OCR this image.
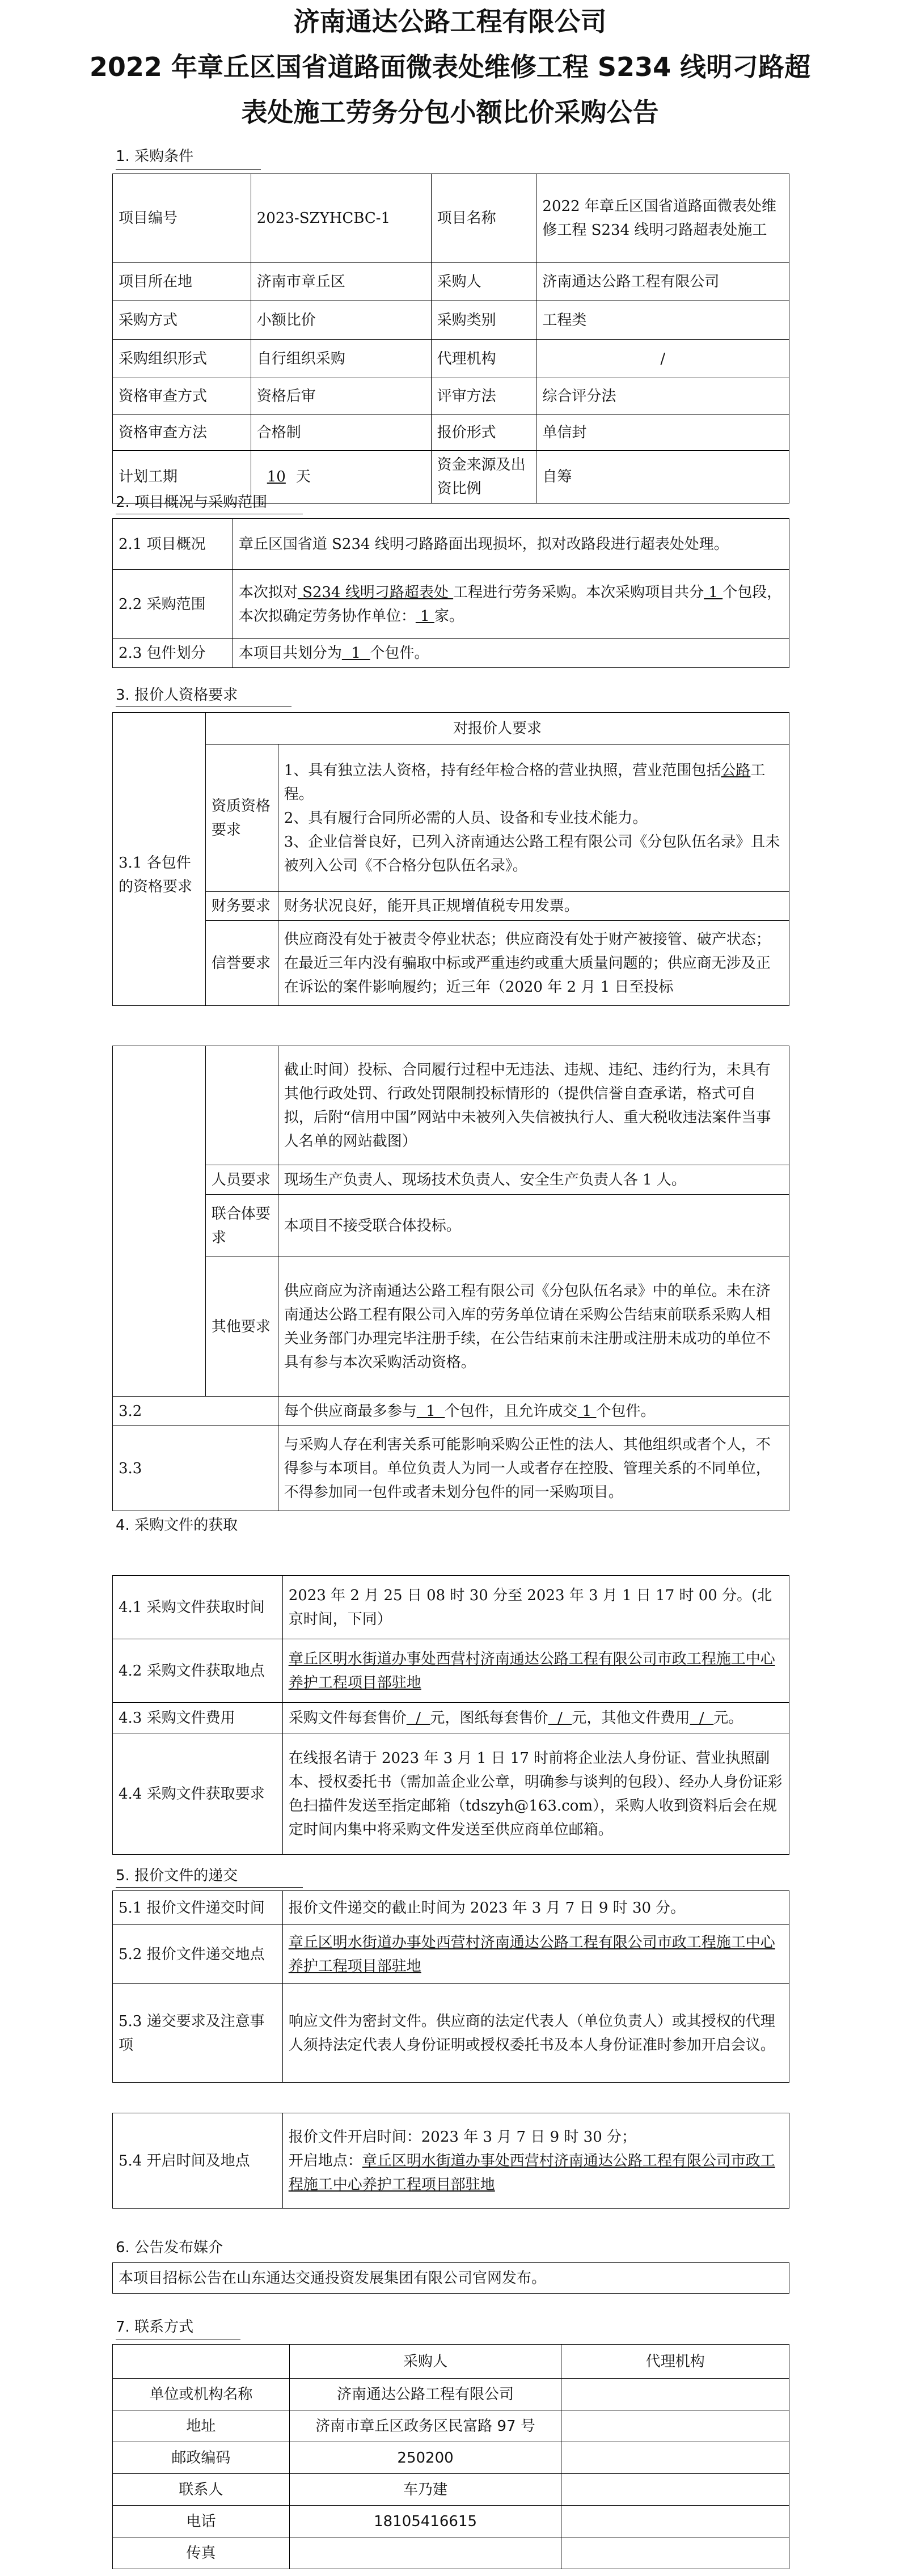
济南通达公路工程有限公司
2022 年章丘区国省道路面微表处维修工程 S234 线明刁路超
表处施工劳务分包小额比价采购公告
1. 采购条件
项目编号	2023-SZYHCBC-1	项目名称	2022 年章丘区国省道路面微表处维修工程 S234 线明刁路超表处施工
项目所在地	济南市章丘区	采购人	济南通达公路工程有限公司
采购方式	小额比价	采购类别	工程类
采购组织形式	自行组织采购	代理机构	/
资格审查方式	资格后审	评审方法	综合评分法
资格审查方法	合格制	报价形式	单信封
计划工期	10 天	资金来源及出资比例	自筹
2. 项目概况与采购范围
2.1 项目概况	章丘区国省道 S234 线明刁路路面出现损坏，拟对改路段进行超表处处理。
2.2 采购范围	本次拟对 S234 线明刁路超表处 工程进行劳务采购。本次采购项目共分 1 个包段，本次拟确定劳务协作单位： 1 家。
2.3 包件划分	本项目共划分为  1  个包件。
3. 报价人资格要求
	对报价人要求	
3.1 各包件的资格要求	资质资格要求	1、具有独立法人资格，持有经年检合格的营业执照，营业范围包括公路工程。
2、具有履行合同所必需的人员、设备和专业技术能力。
3、企业信誉良好，已列入济南通达公路工程有限公司《分包队伍名录》且未被列入公司《不合格分包队伍名录》。

	财务要求	财务状况良好，能开具正规增值税专用发票。
	信誉要求	供应商没有处于被责令停业状态；供应商没有处于财产被接管、破产状态；在最近三年内没有骗取中标或严重违约或重大质量问题的；供应商无涉及正在诉讼的案件影响履约；近三年（2020 年 2 月 1 日至投标
		截止时间）投标、合同履行过程中无违法、违规、违纪、违约行为，未具有其他行政处罚、行政处罚限制投标情形的（提供信誉自查承诺，格式可自拟，后附“信用中国”网站中未被列入失信被执行人、重大税收违法案件当事人名单的网站截图）
	人员要求	现场生产负责人、现场技术负责人、安全生产负责人各 1 人。
	联合体要求	本项目不接受联合体投标。
	其他要求	供应商应为济南通达公路工程有限公司《分包队伍名录》中的单位。未在济南通达公路工程有限公司入库的劳务单位请在采购公告结束前联系采购人相关业务部门办理完毕注册手续，在公告结束前未注册或注册未成功的单位不具有参与本次采购活动资格。
3.2		每个供应商最多参与  1  个包件，且允许成交 1 个包件。
3.3		与采购人存在利害关系可能影响采购公正性的法人、其他组织或者个人，不得参与本项目。单位负责人为同一人或者存在控股、管理关系的不同单位，不得参加同一包件或者未划分包件的同一采购项目。
4. 采购文件的获取
4.1 采购文件获取时间	2023 年 2 月 25 日 08 时 30 分至 2023 年 3 月 1 日 17 时 00 分。(北京时间，下同）
4.2 采购文件获取地点	章丘区明水街道办事处西营村济南通达公路工程有限公司市政工程施工中心养护工程项目部驻地
4.3 采购文件费用	采购文件每套售价  /  元，图纸每套售价  /  元，其他文件费用  /  元。
4.4 采购文件获取要求	在线报名请于 2023 年 3 月 1 日 17 时前将企业法人身份证、营业执照副本、授权委托书（需加盖企业公章，明确参与谈判的包段）、经办人身份证彩色扫描件发送至指定邮箱（tdszyh@163.com），采购人收到资料后会在规定时间内集中将采购文件发送至供应商单位邮箱。
5. 报价文件的递交
5.1 报价文件递交时间	报价文件递交的截止时间为 2023 年 3 月 7 日 9 时 30 分。
5.2 报价文件递交地点	章丘区明水街道办事处西营村济南通达公路工程有限公司市政工程施工中心养护工程项目部驻地
5.3 递交要求及注意事项	响应文件为密封文件。供应商的法定代表人（单位负责人）或其授权的代理人须持法定代表人身份证明或授权委托书及本人身份证准时参加开启会议。
5.4 开启时间及地点	
报价文件开启时间：2023 年 3 月 7 日 9 时 30 分；
开启地点：章丘区明水街道办事处西营村济南通达公路工程有限公司市政工程施工中心养护工程项目部驻地
6. 公告发布媒介
本项目招标公告在山东通达交通投资发展集团有限公司官网发布。
7. 联系方式
	采购人	代理机构
单位或机构名称	济南通达公路工程有限公司	
地址	济南市章丘区政务区民富路 97 号	
邮政编码	250200	
联系人	车乃建	
电话	18105416615	
传真		
